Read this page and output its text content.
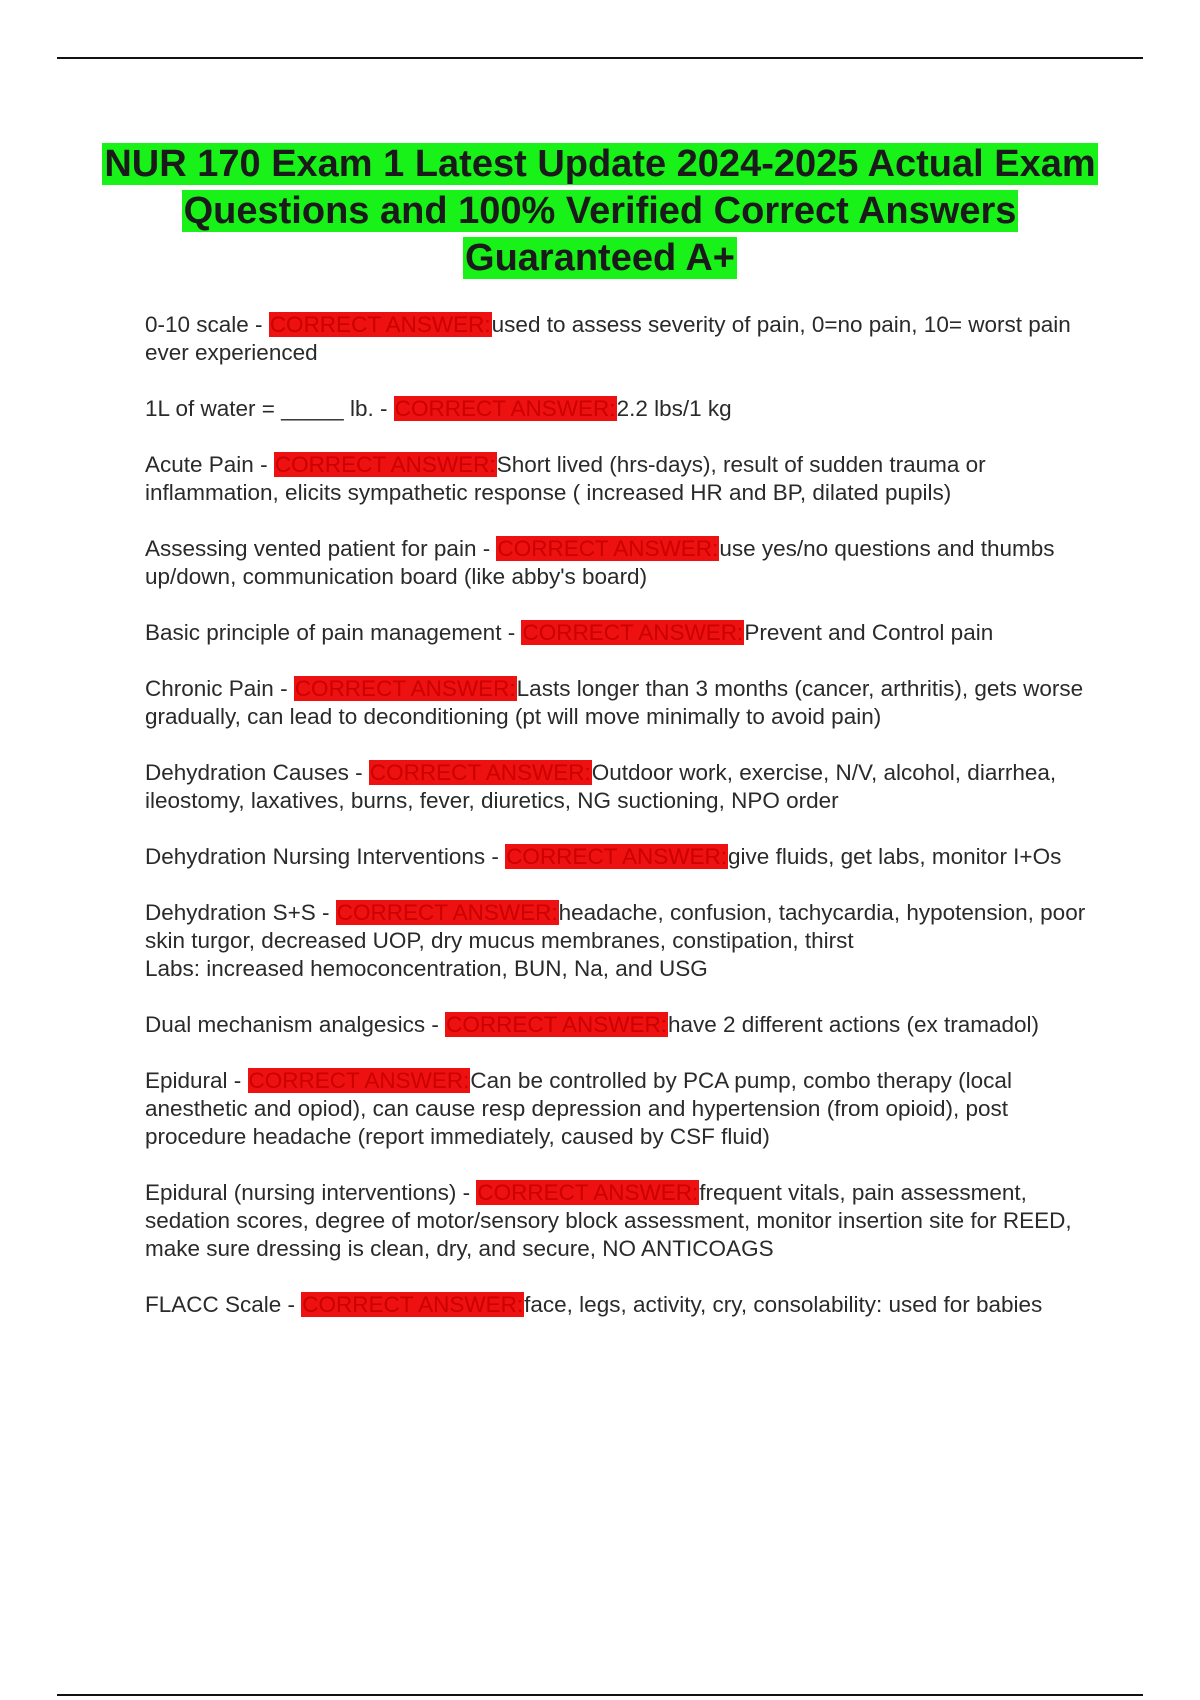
NUR 170 Exam 1 Latest Update 2024-2025 Actual Exam Questions and 100% Verified Correct Answers Guaranteed A+
0-10 scale - CORRECT ANSWER:used to assess severity of pain, 0=no pain, 10= worst pain ever experienced
1L of water = _____ lb. - CORRECT ANSWER:2.2 lbs/1 kg
Acute Pain - CORRECT ANSWER:Short lived (hrs-days), result of sudden trauma or inflammation, elicits sympathetic response ( increased HR and BP, dilated pupils)
Assessing vented patient for pain - CORRECT ANSWER:use yes/no questions and thumbs up/down, communication board (like abby's board)
Basic principle of pain management - CORRECT ANSWER:Prevent and Control pain
Chronic Pain - CORRECT ANSWER:Lasts longer than 3 months (cancer, arthritis), gets worse gradually, can lead to deconditioning (pt will move minimally to avoid pain)
Dehydration Causes - CORRECT ANSWER:Outdoor work, exercise, N/V, alcohol, diarrhea, ileostomy, laxatives, burns, fever, diuretics, NG suctioning, NPO order
Dehydration Nursing Interventions - CORRECT ANSWER:give fluids, get labs, monitor I+Os
Dehydration S+S - CORRECT ANSWER:headache, confusion, tachycardia, hypotension, poor skin turgor, decreased UOP, dry mucus membranes, constipation, thirst
Labs: increased hemoconcentration, BUN, Na, and USG
Dual mechanism analgesics - CORRECT ANSWER:have 2 different actions (ex tramadol)
Epidural - CORRECT ANSWER:Can be controlled by PCA pump, combo therapy (local anesthetic and opiod), can cause resp depression and hypertension (from opioid), post procedure headache (report immediately, caused by CSF fluid)
Epidural (nursing interventions) - CORRECT ANSWER:frequent vitals, pain assessment, sedation scores, degree of motor/sensory block assessment, monitor insertion site for REED, make sure dressing is clean, dry, and secure, NO ANTICOAGS
FLACC Scale - CORRECT ANSWER:face, legs, activity, cry, consolability: used for babies
